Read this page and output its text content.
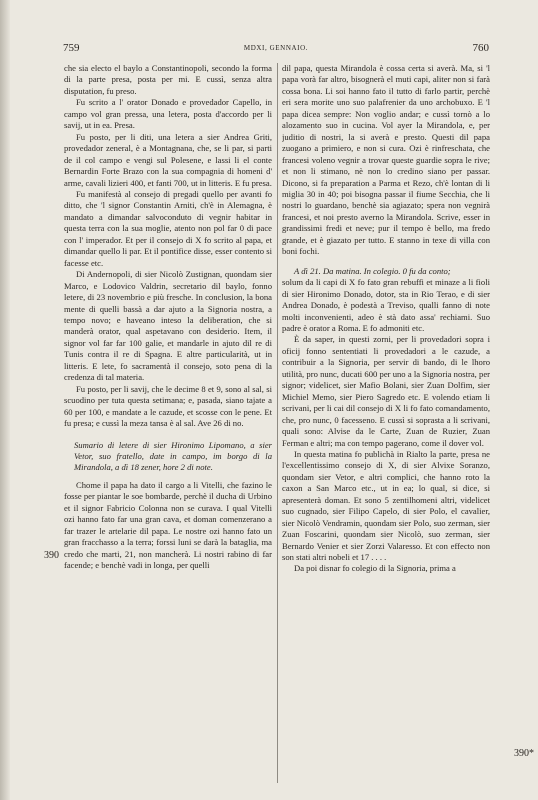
759	MDXI, GENNAIO.	760

che sia electo el baylo a Constantinopoli, secondo la forma di la parte presa, posta per mi. E cussì, senza altra disputation, fu preso.

Fu scrito a l' orator Donado e provedador Capello, in campo vol gran pressa, una letera, posta d'accordo per li savij, ut in ea. Presa.

Fu posto, per li diti, una letera a sier Andrea Griti, provedador zeneral, è a Montagnana, che, se li par, si parti de il col campo e vengi sul Polesene, e lassi li el conte Bernardin Forte Brazo con la sua compagnia di homeni d' arme, cavali lizieri 400, et fanti 700, ut in litteris. E fu presa.

Fu manifestà al consejo di pregadi quello per avanti fo ditto, che 'l signor Constantin Arniti, ch'è in Alemagna, è mandato a dimandar salvoconduto di vegnir habitar in questa terra con la sua moglie, atento non pol far 0 di pace con l' imperador. Et per il consejo di X fo scrito al papa, et dimandar quello li par. Et il pontifice disse, esser contento si facesse etc.

Di Andernopoli, di sier Nicolò Zustignan, quondam sier Marco, e Lodovico Valdrin, secretario dil baylo, fonno letere, di 23 novembrio e più fresche. In conclusion, la bona mente di quelli bassà a dar ajuto a la Signoria nostra, a tempo novo; e haveano inteso la deliberation, che si manderà orator, qual aspetavano con desiderio. Item, il signor vol far far 100 galie, et mandarle in ajuto dil re di Tunis contra il re di Spagna. E altre particularità, ut in litteris. E lete, fo sacramentà il consejo, soto pena di la credenza di tal materia.

Fu posto, per li savij, che le decime 8 et 9, sono al sal, si scuodino per tuta questa setimana; e, pasada, siano tajate a 60 per 100, e mandate a le cazude, et scosse con le pene. Et fu presa; e cussì la meza tansa è al sal. Ave 26 di no.

Sumario di letere di sier Hironimo Lipomano, a sier Vetor, suo fratello, date in campo, im borgo di la Mirandola, a dì 18 zener, hore 2 di note.

Chome il papa ha dato il cargo a li Vitelli, che fazino le fosse per piantar le soe bombarde, perchè il ducha di Urbino et il signor Fabricio Colonna non se curava. I qual Vitelli ozi hanno fato far una gran cava, et doman comenzerano a far trazer le artelarie dil papa. Le nostre ozi hanno fato un gran fracchasso a la terra; forssi luni se darà la bataglia, ma credo che marti, 21, non mancherà. Li nostri rabino di far facende; e benchè vadi in longa, per quelli

dil papa, questa Mirandola è cossa certa si averà. Ma, si 'l papa vorà far altro, bisognerà el muti capi, aliter non si farà cossa bona. Li soi hanno fato il tutto di farlo partir, perchè eri sera morite uno suo palafrenier da uno archobuxo. E 'l papa dicea sempre: Non voglio andar; e cussì tornò a lo alozamento suo in cucina. Vol ayer la Mirandola, e, per juditio di nostri, la si averà e presto. Questi dil papa zuogano a primiero, e non si cura. Ozi è rinfreschata, che francesi voleno vegnir a trovar queste guardie sopra le rive; et non li stimano, nè non lo credino siano per passar. Dicono, si fa preparation a Parma et Rezo, ch'è lontan di li miglia 30 in 40; poi bisogna passar il fiume Secchia, che li nostri lo guardano, benchè sia agiazato; spera non vegnirà francesi, et noi presto averno la Mirandola. Scrive, esser in grandissimi fredi et neve; pur il tempo è bello, ma fredo grande, et è giazato per tutto. E stanno in texe di villa con boni fochi.

A dì 21. Da matina. In colegio. 0 fu da conto;

solum da li capi di X fo fato gran rebuffi et minaze a li fioli di sier Hironimo Donado, dotor, sta in Rio Terao, e di sier Andrea Donado, è podestà a Treviso, qualli fanno di note molti inconvenienti, adeo è stà dato assa' rechiami. Suo padre è orator a Roma. E fo admoniti etc.

È da saper, in questi zorni, per li provedadori sopra i oficij fonno sententiati li provedadori a le cazude, a contribuir a la Signoria, per servir di bando, di le lhoro utilità, pro nunc, ducati 600 per uno a la Signoria nostra, per signor; videlicet, sier Mafio Bolani, sier Zuan Dolfim, sier Michiel Memo, sier Piero Sagredo etc. E volendo etiam li scrivani, per li cai dil consejo di X li fo fato comandamento, che, pro nunc, 0 facesseno. E cussì si soprasta a li scrivani, quali sono: Alvise da le Carte, Zuan de Ruzier, Zuan Ferman e altri; ma con tempo pagerano, come il dover vol.

In questa matina fo publichà in Rialto la parte, presa ne l'excellentissimo consejo di X, di sier Alvixe Soranzo, quondam sier Vetor, e altri complici, che hanno roto la caxon a San Marco etc., ut in ea; lo qual, si dice, si apresenterà doman. Et sono 5 zentilhomeni altri, videlicet suo cugnado, sier Filipo Capelo, di sier Polo, el cavalier, sier Nicolò Vendramin, quondam sier Polo, suo zerman, sier Zuan Foscarini, quondam sier Nicolò, suo zerman, sier Bernardo Venier et sier Zorzi Valaresso. Et con effecto non son stati altri nobeli et 17 . . . .

Da poi disnar fo colegio di la Signoria, prima a

390
390*
